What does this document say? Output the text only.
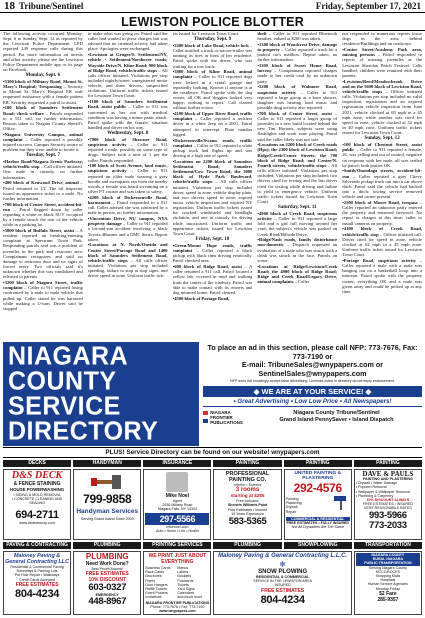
18 Tribune/Sentinel	Friday, September 17, 2021
LEWISTON POLICE BLOTTER

The following activity occurred Monday, Sept. 6 to Sunday, Sept. 12 as reported by the Lewiston Police Department. LPD reported 249 response calls during this period. For more information on arrests and other activity, please see the Lewiston Police Department mobile app or its page on Facebook.

Monday, Sept. 6

•5300 block of Military Road, Mount St. Mary's Hospital; Trespassing – Security at Mount St. Mary's Hospital ER staff requested assistance with a female patient ER. Security requested a patrol to assist.

•100 block of Saunders Settlement Road; check welfare – Patrols responded to a 911 call, no further information. Reason taken to Niagara County Sheriff's Office.

•Niagara University Campus, animal complaint – Caller reported a possibly injured raccoon. Campus Security aware of problem but they were unable to locate it.

Tuesday, Sept. 7

•Harbor Road/Niagara Scenic Parkway, vehicle/traffic stop – Call officer initiated. One male in custody, no further information.

•400 block of Kenwood Drive, animal – Patrol returned to LT. The oil inspector issued an appearance ticket to a male. No further information.

•700 block of Center Street, accident-hit-run – Patrol flagged down by caller regarding a white or black SUV occupied by a female struck the rear of her vehicle while in a parking lot.

•5800 block of Buffalo Street, assist – A resident reported an breaking/entering complaint at Spectrum Town Park. Responding patrols said was a problem of juveniles in the park and restroom area. Complainant recognizes and said no damage to restroom door and no signs of forced entry. Two officials said it's unknown whether this was vandalized and released to parents.

•3200 block of Niagara Street, traffic complaint – Caller to 911 reported losing confronted by a male to male vehicle that pulled up. Caller stated he was harassed while making a U-turn. Driver said he stopped

to make what was going on. Patrol said the caller had wanted to press charges but was advised that no criminal activity had taken place. Apologies were exchanged.

•Lewiston at Gruger/S. Settlement/NY, vehicle - Settlement/Northover roads; Wayside Drive/N. Kline Road; 900 block of Ridge Road, vehicle/traffic stops – All calls officer initiated. Violations per stop included nightly/street, unregistered motor vehicle; and three drivers, unspecified violations. Uniform traffic tickets issued for Lewiston Town Court.

•1100 block of Saunders Settlement Road, assist public – Caller to 911 was concerned as her son with medical condition was having a minor panic attack. Patrol spoke with the female, situation handled and driver on his way.

Wednesday, Sept. 8

•7000 block of Shawnee Road, suspicious activity – Caller to 911 reported a male, possibly on some type of drugs. Subject took a unit of 1 per the caller. Patrols responded.

•100 block of Scott Avenue, loud music, suspicious activity – Caller to 911 reported an older male wearing a gray hoodie and sweatpants ran from the nearby woods, a female was heard screaming on a silver PT cruiser and was taken to safety.

•4200 block of Dickersonville Road, harassment – Patrol responded to a 911 call. Caller advised she was contacted by a male in person, no further information.

•Vincentian Drive, NU campus, NYA property damage – Caller to 911 reported a hit-and-run accident involving a black Toyota 4Runner and a GMC Sierra. Report taken.

•Locations at N. North/Oneida and Center Street/Portage Road and 1400 block of Saunders Settlement Road, vehicle/traffic stops – All calls officer initiated. Violations per stop included speeding, failure to stop at stop signs, and driver speed in zone. Uniform traffic tick-

ets issued for Lewiston Town Court.

Thursday, Sept. 9

•2200 block of Lake Road, vehicle lock – Caller notified a truck or tractor-trailer was running its tires in front of her residence. Patrol spoke with the driver, who was waiting for a tow truck.

•5800 block of Kline Road, animal complaint – Caller to 911 reported dogs were locked in a rental garage and repeatedly barking. Known if anyone is at the residence. Patrol spoke with the dog owner; all OK and 'doggies looked very happy; nothing to report.' Call cleared without further action.

•4100 block of Upper River Road, traffic complaint – Caller reported a reckless driver in a white Jeep on a 2001. Patrol attempted to intercept. Plate number logged.

•Dickersonville/Swann roads, traffic complaint – Caller to 911 reported a white pickup truck had flights up and was driving at a high rate of speed.

•Locations on 2200 block of Saunders Settlement Road; Saunders Settlement/Cow Town Road; the 3000 block of Hyde Park Boulevard, vehicle/traffic stops – All calls officer initiated. Violations per stop included driver, speed in zone, vehicle display plate, and two drivers speed in zone, expired motor vehicle inspection and expired NY registration. Uniform traffic tickets issued for cracked windshield and headlight violation, and one in custody for driving while intoxicated. Uniform traffic and appearance tickets issued for Lewiston Town Court.

Friday, Sept. 10

•Green/Mount Hope roads, traffic complaint – Caller reported a black pickup with black rims driving erratically. Patrol checked area.

•600 block of Ridge Road, assist – A caller returned a 911 call. Patrol located a yellow lab, covered in mud and walking from the center of the roadway. Patrol was able to make contact with its owners and dog returned home. Patrol cleared.

•4500 block of Portage Road,

theft – Caller to 911 reported Bluetooth headset, valued at $200 was taken.

•1300 block of Woodcrest Drive, damage to property – Caller reported a truck hit a parked car's mailbox. Report taken, no further information.

•1100 block of Sweet Home Road, larceny – Complainant reported charges made to her credit card by an unknown party.

•5200 block of Walmore Road, suspicious activity – Caller to 911 reported a large group at a barn shower, daughter was hearing loud music and possible drug activity also reported.

•700 block of Center Street, assist – Caller to 911 reported a larger group of juveniles in a new build located behind the new Tim Hortons; subjects were using flashlights and work zone playing. Patrol said the caller likely was not safe.

•Locations on 2200 block of Creek roads (Hps); the 2300 block of Lewiston Road; Ridge/Creek/Center Streets; the 700 block of Ridge Road; and Center/N. Fourth streets, vehicle/traffic stops – All calls officer initiated. Violations per stop included; Violations per stop included; two drivers cited for texting and the last driver cited for texting while driving and failure to yield to emergency vehicle. Uniform traffic tickets issued for Lewiston Town Court.

Saturday, Sept. 11

•4900 block of Creek Road, suspicious activity – Caller to 911 reported a large fold and a girl full moving around her yard; the subject's vehicle was parked on Creek Road/Hillside Drive.

•Ridge/Nash roads, family disturbance non-domestic – Dispatch requested an evaluation of a male who was struck with a drink was struck in the face. Patrols on scene.

•Locations at Ridge/Lewiston/Creek Road; the 4900 block of Ridge Road; Ridge and Creek Road/Legacy Drive, animal complaints – Caller

not responded to numerous reports loose dogs in the area; behind residence/Buildings and on roadways.

•Center Street/Academy Park area, missing persons – Patrol responded to reports of missing juveniles at the Lewiston Sheridan Peach Festival. Calls handled; children were reunited with their parents.

•Lewiston/Reed/Meadowbrook Drive and on the 5600 block of Lewiston Road, vehicle/traffic stops – Officer initiated calls. Violations per stop included no valid inspection, registration and an expired registration vehicle inspection from June 2021, vehicle clocked at 65 mph in a 45 mph zone, while another was cited for speed in zone, vehicle clocked at 52 mph in 40 mph zone. Uniform traffic tickets issued for Lewiston Town Court.

Sunday, Sept. 12

•100 block of Chestnut Street, assist public – Caller to 911 reported a female, 26, was yelling and out of control, negative on response with her male, all was settled by patrol; both parties OK.

•Smith/Onondaga streets, accident-hit-run – Caller reported a gray Chevy Silverado pickup truck ran into a car above ditch. Patrol said the vehicle had backed into a ditch; towing service removed vehicle and owner present.

•2500 block of Moore Road, trespass – Caller reported an unknown party entered the property and removed firewood. No report or charges at this time; caller to install cameras on property.

•4100 block of Creek Road, vehicle/traffic stop – Officer initiated call. Driver cited for speed in zone, vehicle clocked at 62 mph in a 45 mph zone. Uniform traffic ticket issued for Lewiston Town Court.

•Portage Road, suspicious activity – Caller reported a male with a male was hanging out on a basketball hoop into a minivan. Patrol spoke with the property owner; everything OK and a male was given away and could be picked up at any time.

NIAGARA
COUNTY
SERVICE
DIRECTORY
To place an ad in this section, please call NFP: 773-7676, Fax: 773-7190 or
E-mail: TribuneSales@wnypapers.com or SentinelSales@wnypapers.com
NFP does not knowingly accept false advertising. Licenses listed in directory do not imply endorsement.
◆ WE ARE AT YOUR SERVICE! ◆
• Great Advertising • Low Low Price • All Newspapers!
NIAGARA FRONTIER PUBLICATIONS
Niagara County Tribune/Sentinel
Grand Island PennySaver • Island Dispatch
PLUS! Service Directory can be found on our website! wnypapers.com
DECKS	HANDYMAN	INSURANCE	PAINTING	PAINTING	PAINTING
D&S DECK
& FENCE STAINING
HOUSE POWERWASHING
• SIDING & MOLD REMOVAL
• CONCRETE CLEANING AND SEALING
694-2711
www.dsdeckshop.com
799-9858
Handyman Services
Serving Grand Island Since 2003
Mike Noel
Agent
2936 Military Road
Niagara Falls, NY 14304
297-5566
mikenoel.com
Auto • Home • Life • Health
PROFESSIONAL
PAINTING CO.
Interior • Exterior
3 rooms
starting at $285
Free Includes:
Sherwin Williams Paint
Free Estimates • Insured
15 Years Experience
583-5365
UNITED PAINTING & PLASTERING
292-4576
Painting
Plastering
Drywall
Repair
COMMERCIAL & RESIDENTIAL
FREE ESTIMATES • FULLY INSURED
Not All Drywallers Are The Same
DAVE & PAULS
PAINTING AND PLASTERING
• Drywall • Water Damage
• Popcorn Removal
• Wallpaper & Wallpaper Removal
• Plumbing & Carpentry
10% DISCOUNT ALWAYS
FREE ESTIMATES • INSURED
VERY REASONABLE RATES
993-5966
773-2033
PAVING & CONTRACTING	PLUMBING	PRINTING SERVICES	PLUMBING	SNOWPLOWING	TRANSPORTATION
Maloney Paving & General Contracting LLC
Residential & Commercial Paving
Driveways & Parking Lots
Pot Hole Repair • Walkways
Credit Cards Accepted
FREE ESTIMATES
804-4234
PLUMBING
Need Work Done?
Best Prices Around!
FREE ESTIMATES
10% DISCOUNT
603-0327
EMERGENCY
448-8967
WE PRINT JUST ABOUT EVERYTHING
Business Cards	Menus
Rack Cards	Labels
Brochures	Booklets
Flyers	Postcards
Door Hangers	Tickets
Raffle Tickets	Yard Signs
Event Posters	Calendars
Invitations	and much more
NIAGARA FRONTIER PUBLICATIONS
Phone: 773-7676 • Fax: 773-7190
www.wnypapers.com
Maloney Paving & General Contracting L.L.C.
❄
SNOW PLOWING
RESIDENTIAL & COMMERCIAL
SERVICE IN THE LEWISTON AREA
INSURED
FREE ESTIMATES
804-4234
NIAGARA COUNTY
RURAL NIAGARA
PUBLIC TRANSPORTATION
Serving Niagara County
NCCC/BOCES
Shopping Malls
Hospitals
Human Service Agencies
Monday-Friday
$2 Fare
285-9357
